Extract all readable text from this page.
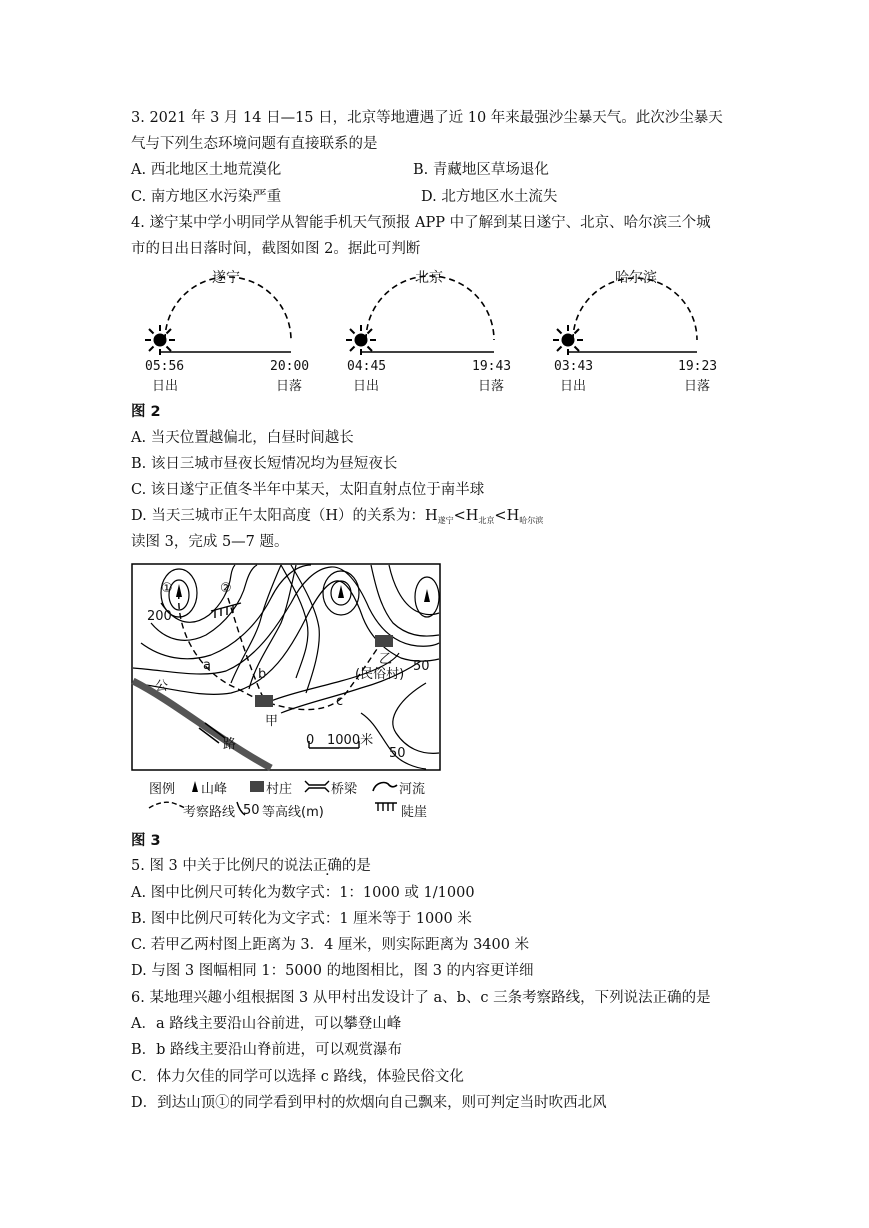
3. 2021 年 3 月 14 日—15 日，北京等地遭遇了近 10 年来最强沙尘暴天气。此次沙尘暴天
气与下列生态环境问题有直接联系的是
A. 西北地区土地荒漠化	B. 青藏地区草场退化
C. 南方地区水污染严重	D. 北方地区水土流失
4. 遂宁某中学小明同学从智能手机天气预报 APP 中了解到某日遂宁、北京、哈尔滨三个城
市的日出日落时间，截图如图 2。据此可判断
遂宁	北京	哈尔滨
05:56	20:00	04:45	19:43	03:43	19:23
日出	日落	日出	日落	日出	日落
图 2
A. 当天位置越偏北，白昼时间越长
B. 该日三城市昼夜长短情况均为昼短夜长
C. 该日遂宁正值冬半年中某天，太阳直射点位于南半球
D. 当天三城市正午太阳高度（H）的关系为：$H_{遂宁}<H_{北京}<H_{哈尔滨}$
读图 3，完成 5—7 题。
①	②
200
a
b
c
甲
乙
(民俗村)
50
50
公
路	0 1000米
图例 山峰	村庄	桥梁	河流
考察路线 50 等高线(m)	陡崖
图 3
5. 图 3 中关于比例尺的说法正确的是
A. 图中比例尺可转化为数字式：1：1000 或 1/1000
B. 图中比例尺可转化为文字式：1 厘米等于 1000 米
C. 若甲乙两村图上距离为 3．4 厘米，则实际距离为 3400 米
D. 与图 3 图幅相同 1：5000 的地图相比，图 3 的内容更详细
6. 某地理兴趣小组根据图 3 从甲村出发设计了 a、b、c 三条考察路线，下列说法正确的是
A．a 路线主要沿山谷前进，可以攀登山峰
B．b 路线主要沿山脊前进，可以观赏瀑布
C．体力欠佳的同学可以选择 c 路线，体验民俗文化
D．到达山顶①的同学看到甲村的炊烟向自己飘来，则可判定当时吹西北风
